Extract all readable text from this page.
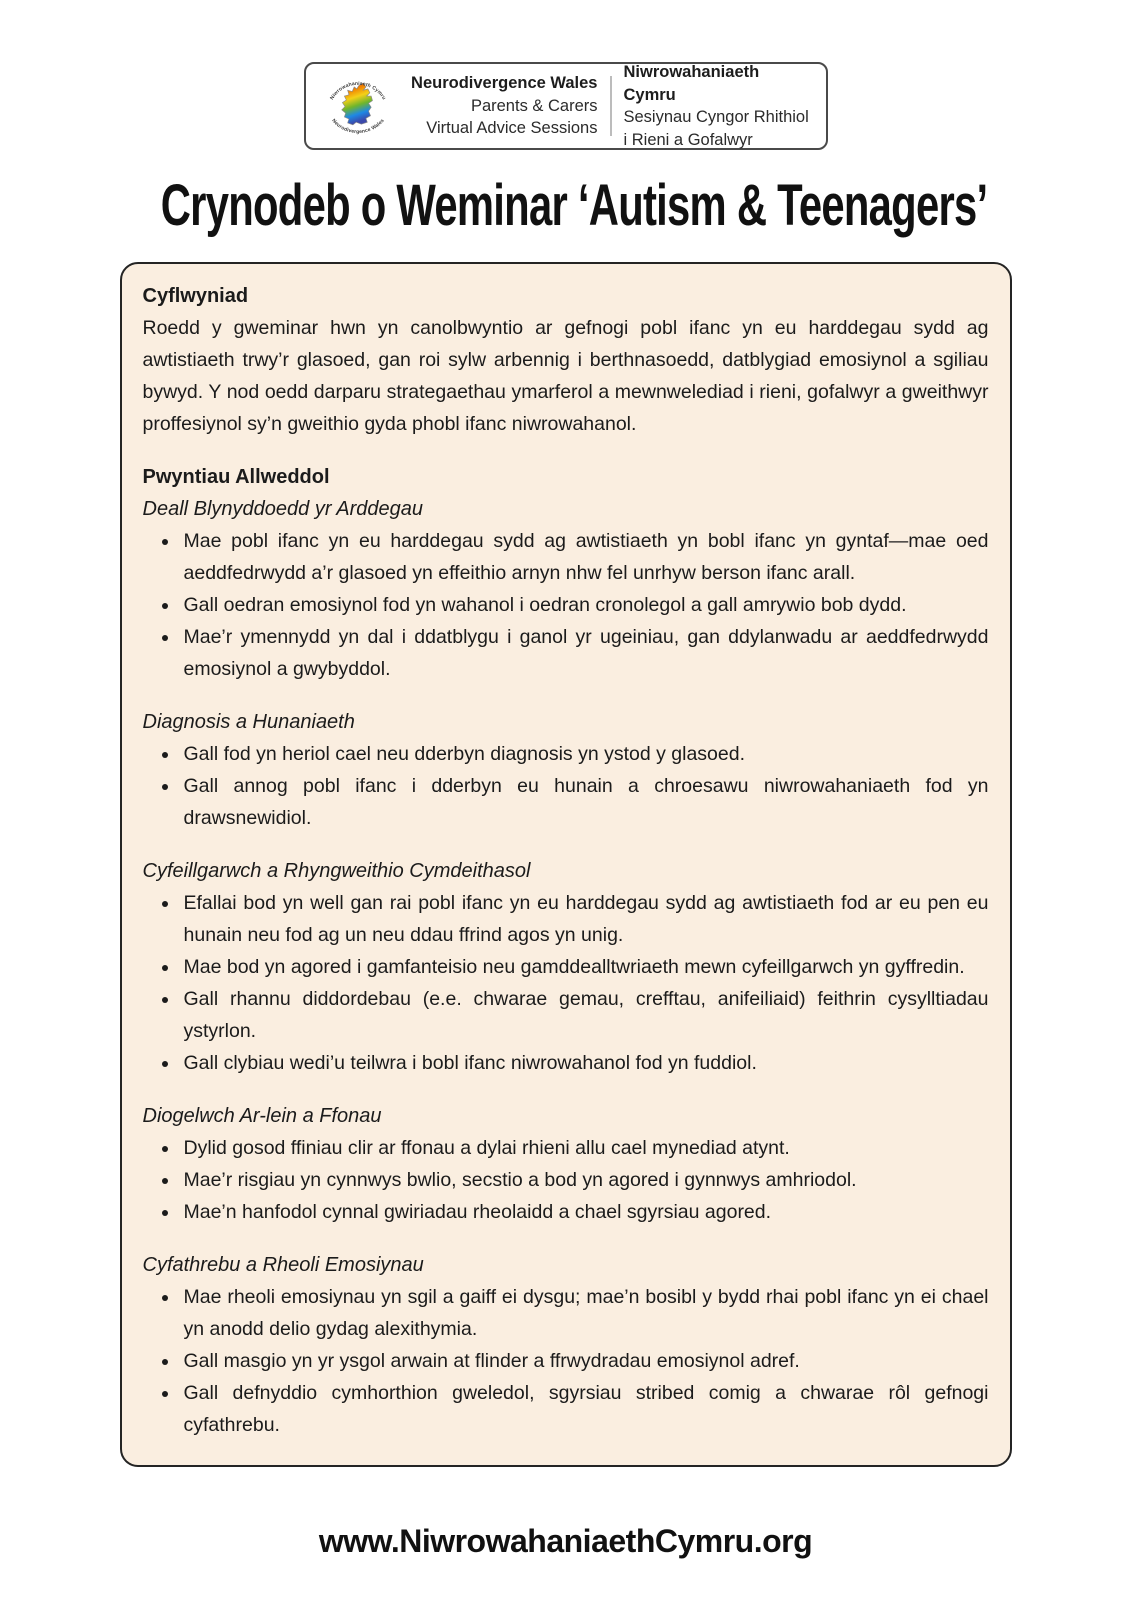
Niwrowahaniaeth Cymru
Neurodivergence Wales
Neurodivergence Wales
Parents & Carers
Virtual Advice Sessions
Niwrowahaniaeth Cymru
Sesiynau Cyngor Rhithiol
i Rieni a Gofalwyr
Crynodeb o Weminar ‘Autism & Teenagers’
Cyflwyniad

Roedd y gweminar hwn yn canolbwyntio ar gefnogi pobl ifanc yn eu harddegau sydd ag awtistiaeth trwy’r glasoed, gan roi sylw arbennig i berthnasoedd, datblygiad emosiynol a sgiliau bywyd. Y nod oedd darparu strategaethau ymarferol a mewnwelediad i rieni, gofalwyr a gweithwyr proffesiynol sy’n gweithio gyda phobl ifanc niwrowahanol.

Pwyntiau Allweddol
Deall Blynyddoedd yr Arddegau
• Mae pobl ifanc yn eu harddegau sydd ag awtistiaeth yn bobl ifanc yn gyntaf—mae oed aeddfedrwydd a’r glasoed yn effeithio arnyn nhw fel unrhyw berson ifanc arall.
• Gall oedran emosiynol fod yn wahanol i oedran cronolegol a gall amrywio bob dydd.
• Mae’r ymennydd yn dal i ddatblygu i ganol yr ugeiniau, gan ddylanwadu ar aeddfedrwydd emosiynol a gwybyddol.
Diagnosis a Hunaniaeth
• Gall fod yn heriol cael neu dderbyn diagnosis yn ystod y glasoed.
• Gall annog pobl ifanc i dderbyn eu hunain a chroesawu niwrowahaniaeth fod yn drawsnewidiol.
Cyfeillgarwch a Rhyngweithio Cymdeithasol
• Efallai bod yn well gan rai pobl ifanc yn eu harddegau sydd ag awtistiaeth fod ar eu pen eu hunain neu fod ag un neu ddau ffrind agos yn unig.
• Mae bod yn agored i gamfanteisio neu gamddealltwriaeth mewn cyfeillgarwch yn gyffredin.
• Gall rhannu diddordebau (e.e. chwarae gemau, crefftau, anifeiliaid) feithrin cysylltiadau ystyrlon.
• Gall clybiau wedi’u teilwra i bobl ifanc niwrowahanol fod yn fuddiol.
Diogelwch Ar-lein a Ffonau
• Dylid gosod ffiniau clir ar ffonau a dylai rhieni allu cael mynediad atynt.
• Mae’r risgiau yn cynnwys bwlio, secstio a bod yn agored i gynnwys amhriodol.
• Mae’n hanfodol cynnal gwiriadau rheolaidd a chael sgyrsiau agored.
Cyfathrebu a Rheoli Emosiynau
• Mae rheoli emosiynau yn sgil a gaiff ei dysgu; mae’n bosibl y bydd rhai pobl ifanc yn ei chael yn anodd delio gydag alexithymia.
• Gall masgio yn yr ysgol arwain at flinder a ffrwydradau emosiynol adref.
• Gall defnyddio cymhorthion gweledol, sgyrsiau stribed comig a chwarae rôl gefnogi cyfathrebu.
www.NiwrowahaniaethCymru.org
